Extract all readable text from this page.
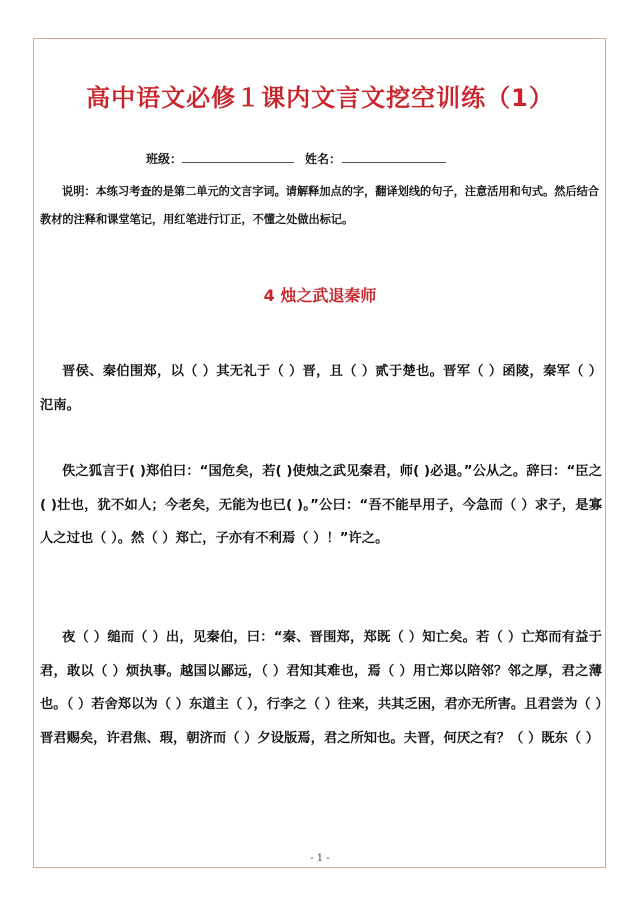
高中语文必修１课内文言文挖空训练（1）
班级：	姓名：
说明：本练习考查的是第二单元的文言字词。请解释加点的字，翻译划线的句子，注意活用和句式。然后结合教材的注释和课堂笔记，用红笔进行订正，不懂之处做出标记。
4 烛之武退秦师
晋侯、秦伯围郑，以（ ）其无礼于（ ）晋，且（ ）贰于楚也。晋军（ ）函陵，秦军（ ）氾南。
佚之狐言于( )郑伯曰：“国危矣，若( )使烛之武见秦君，师( )必退。”公从之。辞曰：“臣之( )壮也，犹不如人；今老矣，无能为也已( )。”公曰：“吾不能早用子，今急而（ ）求子，是寡人之过也（ ）。然（ ）郑亡，子亦有不利焉（ ）！”许之。
夜（ ）缒而（ ）出，见秦伯，曰：“秦、晋围郑，郑既（ ）知亡矣。若（ ）亡郑而有益于君，敢以（ ）烦执事。越国以鄙远，（ ）君知其难也，焉（ ）用亡郑以陪邻？邻之厚，君之薄也。（ ）若舍郑以为（ ）东道主（ ），行李之（ ）往来，共其乏困，君亦无所害。且君尝为（ ）晋君赐矣，许君焦、瑕，朝济而（ ）夕设版焉，君之所知也。夫晋，何厌之有？（ ）既东（ ）
- 1 -
